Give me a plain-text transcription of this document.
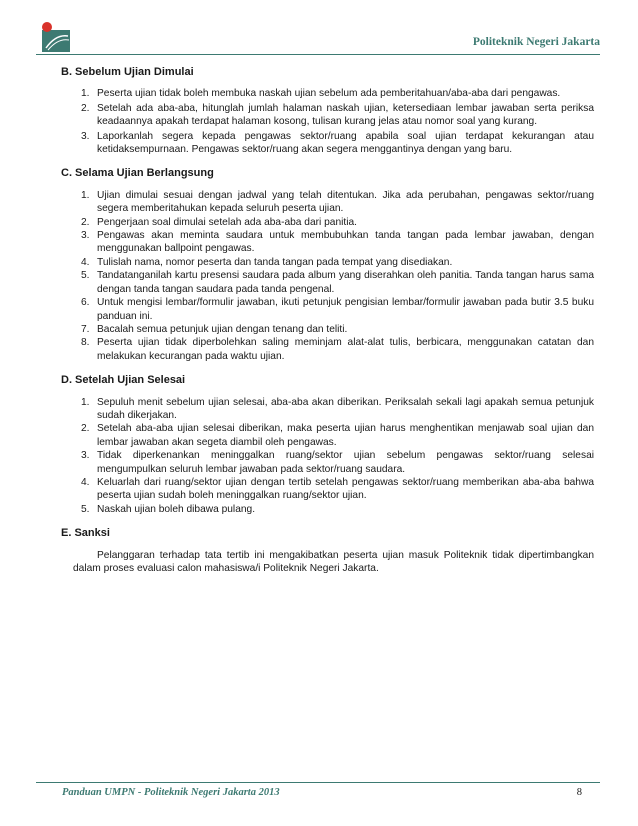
Politeknik Negeri Jakarta
B. Sebelum Ujian Dimulai
1. Peserta ujian tidak boleh membuka naskah ujian sebelum ada pemberitahuan/aba-aba dari pengawas.
2. Setelah ada aba-aba, hitunglah jumlah halaman naskah ujian, ketersediaan lembar jawaban serta periksa keadaannya apakah terdapat halaman kosong, tulisan kurang jelas atau nomor soal yang kurang.
3. Laporkanlah segera kepada pengawas sektor/ruang apabila soal ujian terdapat kekurangan atau ketidaksempurnaan. Pengawas sektor/ruang akan segera menggantinya dengan yang baru.
C. Selama Ujian Berlangsung
1. Ujian dimulai sesuai dengan jadwal yang telah ditentukan. Jika ada perubahan, pengawas sektor/ruang segera memberitahukan kepada seluruh peserta ujian.
2. Pengerjaan soal dimulai setelah ada aba-aba dari panitia.
3. Pengawas akan meminta saudara untuk membubuhkan tanda tangan pada lembar jawaban, dengan menggunakan ballpoint pengawas.
4. Tulislah nama, nomor peserta dan tanda tangan pada tempat yang disediakan.
5. Tandatanganilah kartu presensi saudara pada album yang diserahkan oleh panitia. Tanda tangan harus sama dengan tanda tangan saudara pada tanda pengenal.
6. Untuk mengisi lembar/formulir jawaban, ikuti petunjuk pengisian lembar/formulir jawaban pada butir 3.5 buku panduan ini.
7. Bacalah semua petunjuk ujian dengan tenang dan teliti.
8. Peserta ujian tidak diperbolehkan saling meminjam alat-alat tulis, berbicara, menggunakan catatan dan melakukan kecurangan pada waktu ujian.
D. Setelah Ujian Selesai
1. Sepuluh menit sebelum ujian selesai, aba-aba akan diberikan. Periksalah sekali lagi apakah semua petunjuk sudah dikerjakan.
2. Setelah aba-aba ujian selesai diberikan, maka peserta ujian harus menghentikan menjawab soal ujian dan lembar jawaban akan segeta diambil oleh pengawas.
3. Tidak diperkenankan meninggalkan ruang/sektor ujian sebelum pengawas sektor/ruang selesai mengumpulkan seluruh lembar jawaban pada sektor/ruang saudara.
4. Keluarlah dari ruang/sektor ujian dengan tertib setelah pengawas sektor/ruang memberikan aba-aba bahwa peserta ujian sudah boleh meninggalkan ruang/sektor ujian.
5. Naskah ujian boleh dibawa pulang.
E. Sanksi

Pelanggaran terhadap tata tertib ini mengakibatkan peserta ujian masuk Politeknik tidak dipertimbangkan dalam proses evaluasi calon mahasiswa/i Politeknik Negeri Jakarta.

Panduan UMPN - Politeknik Negeri Jakarta 2013	8
